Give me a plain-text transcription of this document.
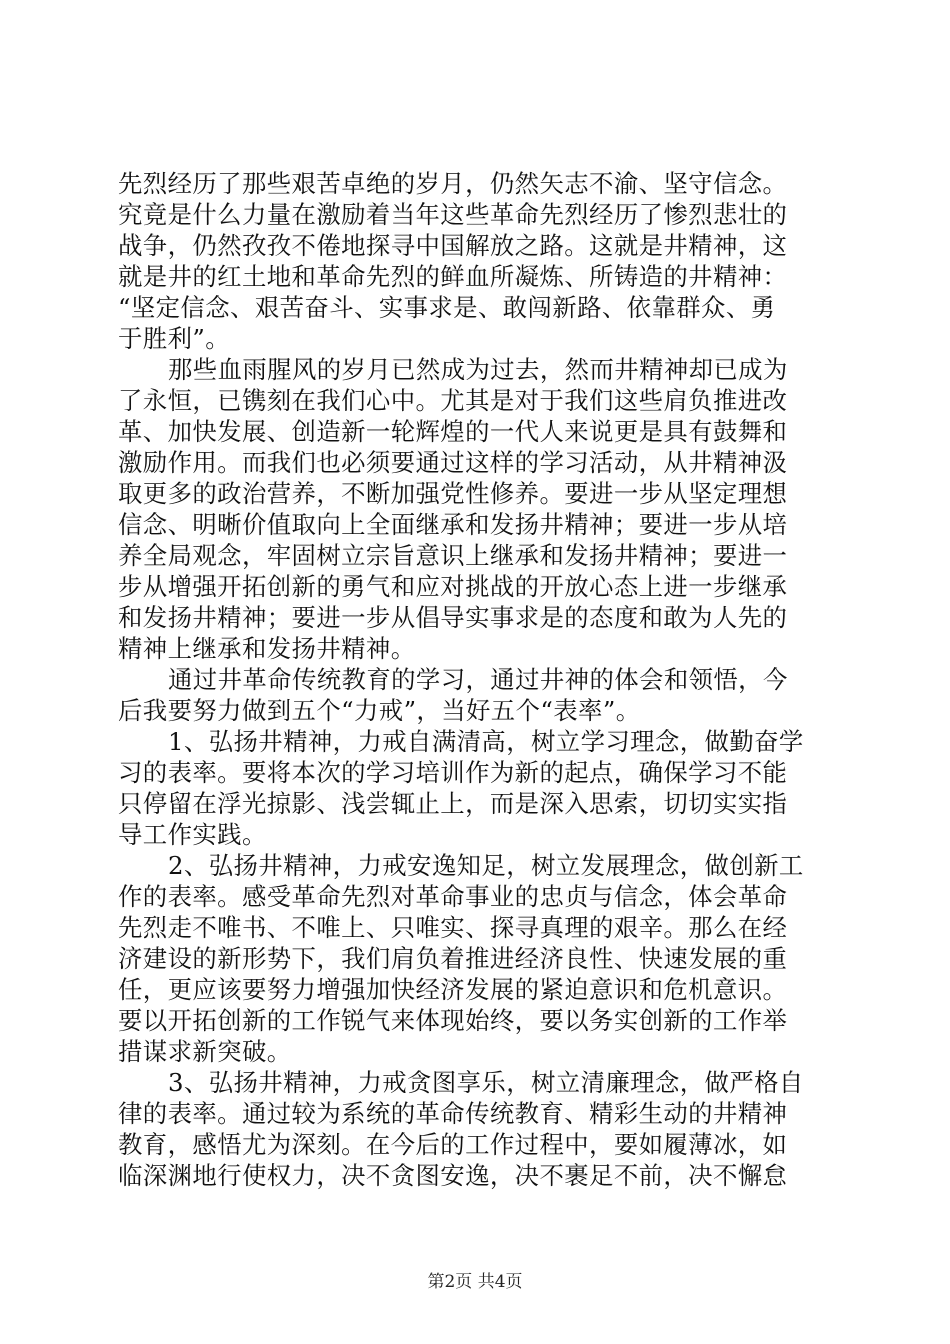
先烈经历了那些艰苦卓绝的岁月，仍然矢志不渝、坚守信念。
究竟是什么力量在激励着当年这些革命先烈经历了惨烈悲壮的
战争，仍然孜孜不倦地探寻中国解放之路。这就是井精神，这
就是井的红土地和革命先烈的鲜血所凝炼、所铸造的井精神：
“坚定信念、艰苦奋斗、实事求是、敢闯新路、依靠群众、勇
于胜利”。
那些血雨腥风的岁月已然成为过去，然而井精神却已成为
了永恒，已镌刻在我们心中。尤其是对于我们这些肩负推进改
革、加快发展、创造新一轮辉煌的一代人来说更是具有鼓舞和
激励作用。而我们也必须要通过这样的学习活动，从井精神汲
取更多的政治营养，不断加强党性修养。要进一步从坚定理想
信念、明晰价值取向上全面继承和发扬井精神；要进一步从培
养全局观念，牢固树立宗旨意识上继承和发扬井精神；要进一
步从增强开拓创新的勇气和应对挑战的开放心态上进一步继承
和发扬井精神；要进一步从倡导实事求是的态度和敢为人先的
精神上继承和发扬井精神。
通过井革命传统教育的学习，通过井神的体会和领悟，今
后我要努力做到五个“力戒”，当好五个“表率”。
1、弘扬井精神，力戒自满清高，树立学习理念，做勤奋学
习的表率。要将本次的学习培训作为新的起点，确保学习不能
只停留在浮光掠影、浅尝辄止上，而是深入思索，切切实实指
导工作实践。
2、弘扬井精神，力戒安逸知足，树立发展理念，做创新工
作的表率。感受革命先烈对革命事业的忠贞与信念，体会革命
先烈走不唯书、不唯上、只唯实、探寻真理的艰辛。那么在经
济建设的新形势下，我们肩负着推进经济良性、快速发展的重
任，更应该要努力增强加快经济发展的紧迫意识和危机意识。
要以开拓创新的工作锐气来体现始终，要以务实创新的工作举
措谋求新突破。
3、弘扬井精神，力戒贪图享乐，树立清廉理念，做严格自
律的表率。通过较为系统的革命传统教育、精彩生动的井精神
教育，感悟尤为深刻。在今后的工作过程中，要如履薄冰，如
临深渊地行使权力，决不贪图安逸，决不裹足不前，决不懈怠
第2页 共4页
